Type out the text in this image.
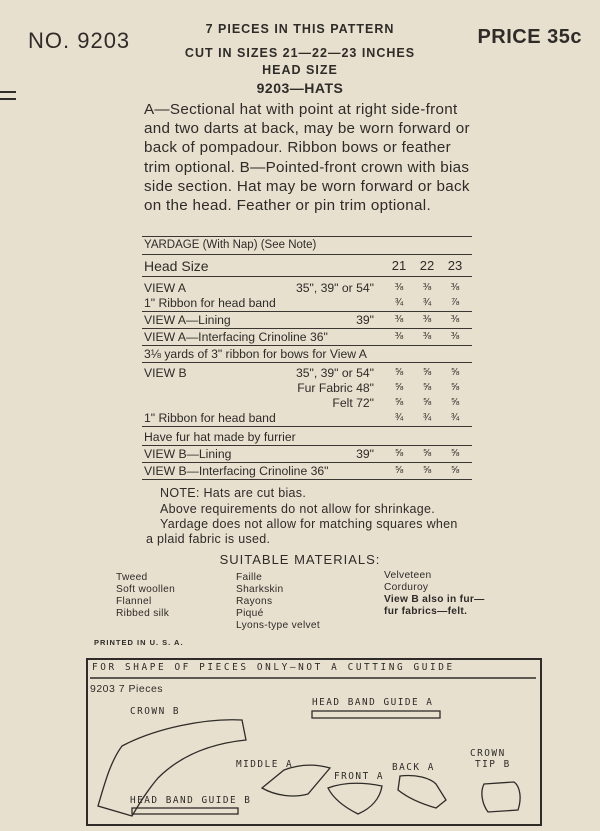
NO. 9203	PRICE 35c
7 PIECES IN THIS PATTERN
CUT IN SIZES 21—22—23 INCHES
HEAD SIZE
9203—HATS
A—Sectional hat with point at right side-front and two darts at back, may be worn forward or back of pompadour. Ribbon bows or feather trim optional. B—Pointed-front crown with bias side section. Hat may be worn forward or back on the head. Feather or pin trim optional.
YARDAGE (With Nap) (See Note)
Head Size	21 22 23
VIEW A	35", 39" or 54"	⅜	⅜	⅜
1" Ribbon for head band	¾	¾	⅞
VIEW A—Lining	39"	⅜	⅜	⅜
VIEW A—Interfacing Crinoline 36"	⅜	⅜	⅜
3⅛ yards of 3" ribbon for bows for View A
VIEW B	35", 39" or 54"	⅝	⅝	⅝
Fur Fabric 48"	⅝	⅝	⅝
Felt 72"	⅝	⅝	⅝
1" Ribbon for head band	¾	¾	¾
Have fur hat made by furrier
VIEW B—Lining	39"	⅝	⅝	⅝
VIEW B—Interfacing Crinoline 36"	⅝	⅝	⅝
NOTE: Hats are cut bias.
Above requirements do not allow for shrinkage.
Yardage does not allow for matching squares when
a plaid fabric is used.
SUITABLE MATERIALS:
Tweed
Soft woollen
Flannel
Ribbed silk
Faille
Sharkskin
Rayons
Piqué
Lyons-type velvet
Velveteen
Corduroy
View B also in fur—
fur fabrics—felt.
PRINTED IN U. S. A.
FOR SHAPE OF PIECES ONLY—NOT A CUTTING GUIDE
9203 7 Pieces
CROWN B
HEAD BAND GUIDE A
MIDDLE A
FRONT A
BACK A
CROWN
TIP B
HEAD BAND GUIDE B
